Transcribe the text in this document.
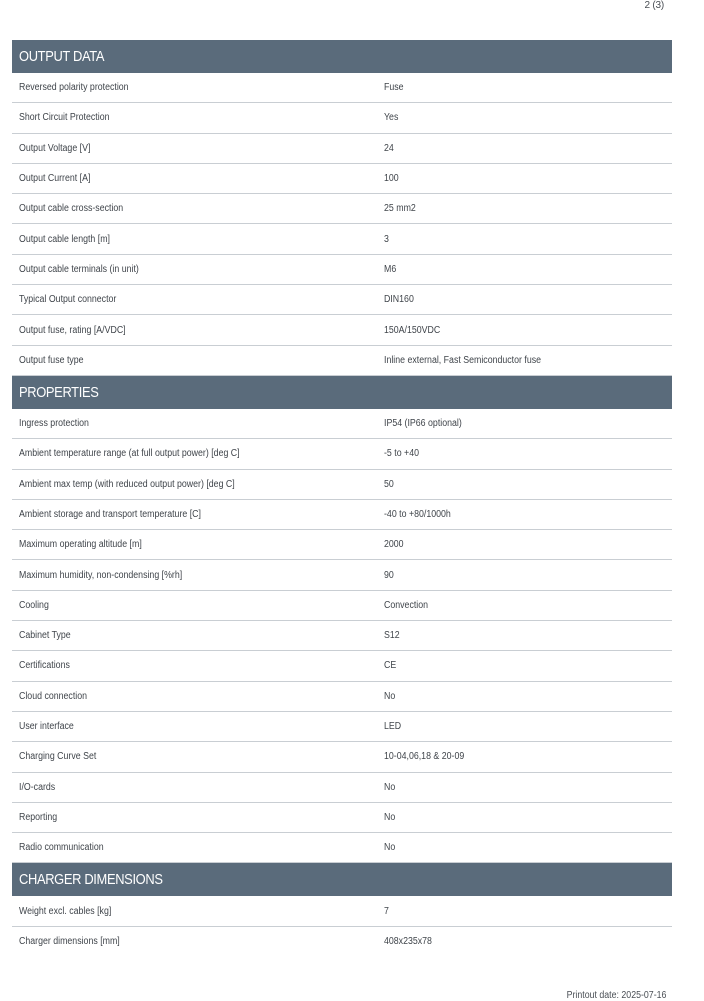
2 (3)
OUTPUT DATA
Reversed polarity protection	Fuse
Short Circuit Protection	Yes
Output Voltage [V]	24
Output Current [A]	100
Output cable cross-section	25 mm2
Output cable length [m]	3
Output cable terminals (in unit)	M6
Typical Output connector	DIN160
Output fuse, rating [A/VDC]	150A/150VDC
Output fuse type	Inline external, Fast Semiconductor fuse
PROPERTIES
Ingress protection	IP54 (IP66 optional)
Ambient temperature range (at full output power) [deg C]	-5 to +40
Ambient max temp (with reduced output power) [deg C]	50
Ambient storage and transport temperature [C]	-40 to +80/1000h
Maximum operating altitude [m]	2000
Maximum humidity, non-condensing [%rh]	90
Cooling	Convection
Cabinet Type	S12
Certifications	CE
Cloud connection	No
User interface	LED
Charging Curve Set	10-04,06,18 & 20-09
I/O-cards	No
Reporting	No
Radio communication	No
CHARGER DIMENSIONS
Weight excl. cables [kg]	7
Charger dimensions [mm]	408x235x78
Printout date: 2025-07-16
